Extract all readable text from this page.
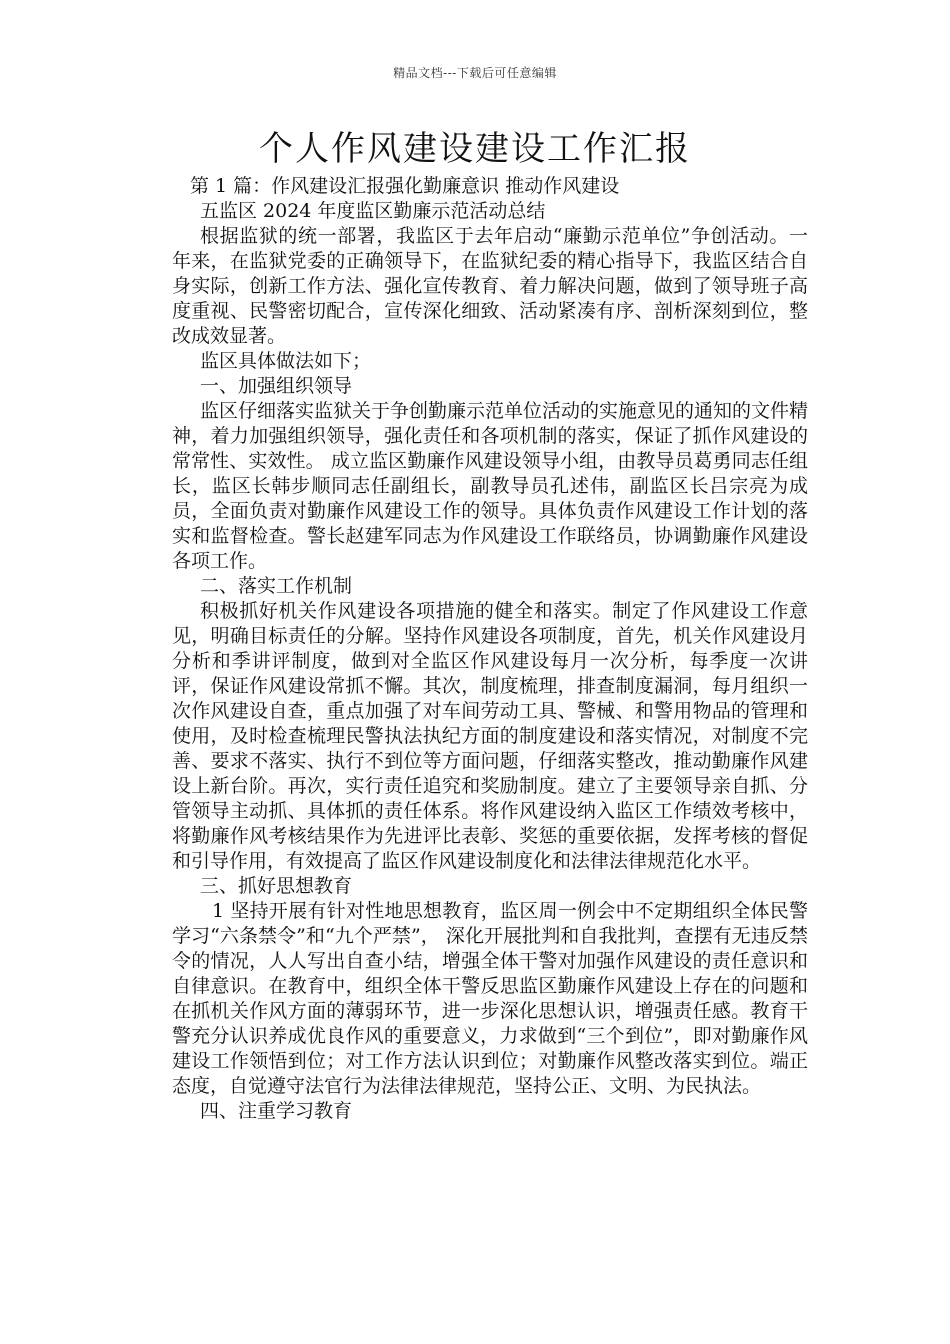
精品文档---下载后可任意编辑
个人作风建设建设工作汇报
第 1 篇：作风建设汇报强化勤廉意识 推动作风建设
五监区 2024 年度监区勤廉示范活动总结

根据监狱的统一部署，我监区于去年启动“廉勤示范单位”争创活动。一年来，在监狱党委的正确领导下，在监狱纪委的精心指导下，我监区结合自身实际，创新工作方法、强化宣传教育、着力解决问题，做到了领导班子高度重视、民警密切配合，宣传深化细致、活动紧凑有序、剖析深刻到位，整改成效显著。

监区具体做法如下；
一、加强组织领导

监区仔细落实监狱关于争创勤廉示范单位活动的实施意见的通知的文件精神，着力加强组织领导，强化责任和各项机制的落实，保证了抓作风建设的常常性、实效性。 成立监区勤廉作风建设领导小组，由教导员葛勇同志任组长，监区长韩步顺同志任副组长，副教导员孔述伟，副监区长吕宗亮为成员，全面负责对勤廉作风建设工作的领导。具体负责作风建设工作计划的落实和监督检查。警长赵建军同志为作风建设工作联络员，协调勤廉作风建设各项工作。

二、落实工作机制

积极抓好机关作风建设各项措施的健全和落实。制定了作风建设工作意见，明确目标责任的分解。坚持作风建设各项制度，首先，机关作风建设月分析和季讲评制度，做到对全监区作风建设每月一次分析，每季度一次讲评，保证作风建设常抓不懈。其次，制度梳理，排查制度漏洞，每月组织一次作风建设自查，重点加强了对车间劳动工具、警械、和警用物品的管理和使用，及时检查梳理民警执法执纪方面的制度建设和落实情况，对制度不完善、要求不落实、执行不到位等方面问题，仔细落实整改，推动勤廉作风建设上新台阶。再次，实行责任追究和奖励制度。建立了主要领导亲自抓、分管领导主动抓、具体抓的责任体系。将作风建设纳入监区工作绩效考核中，将勤廉作风考核结果作为先进评比表彰、奖惩的重要依据，发挥考核的督促和引导作用，有效提高了监区作风建设制度化和法律法律规范化水平。

三、抓好思想教育

1 坚持开展有针对性地思想教育，监区周一例会中不定期组织全体民警学习“六条禁令”和“九个严禁”， 深化开展批判和自我批判，查摆有无违反禁令的情况，人人写出自查小结，增强全体干警对加强作风建设的责任意识和自律意识。在教育中，组织全体干警反思监区勤廉作风建设上存在的问题和在抓机关作风方面的薄弱环节，进一步深化思想认识，增强责任感。教育干警充分认识养成优良作风的重要意义，力求做到“三个到位”，即对勤廉作风建设工作领悟到位；对工作方法认识到位；对勤廉作风整改落实到位。端正态度，自觉遵守法官行为法律法律规范，坚持公正、文明、为民执法。

四、注重学习教育
